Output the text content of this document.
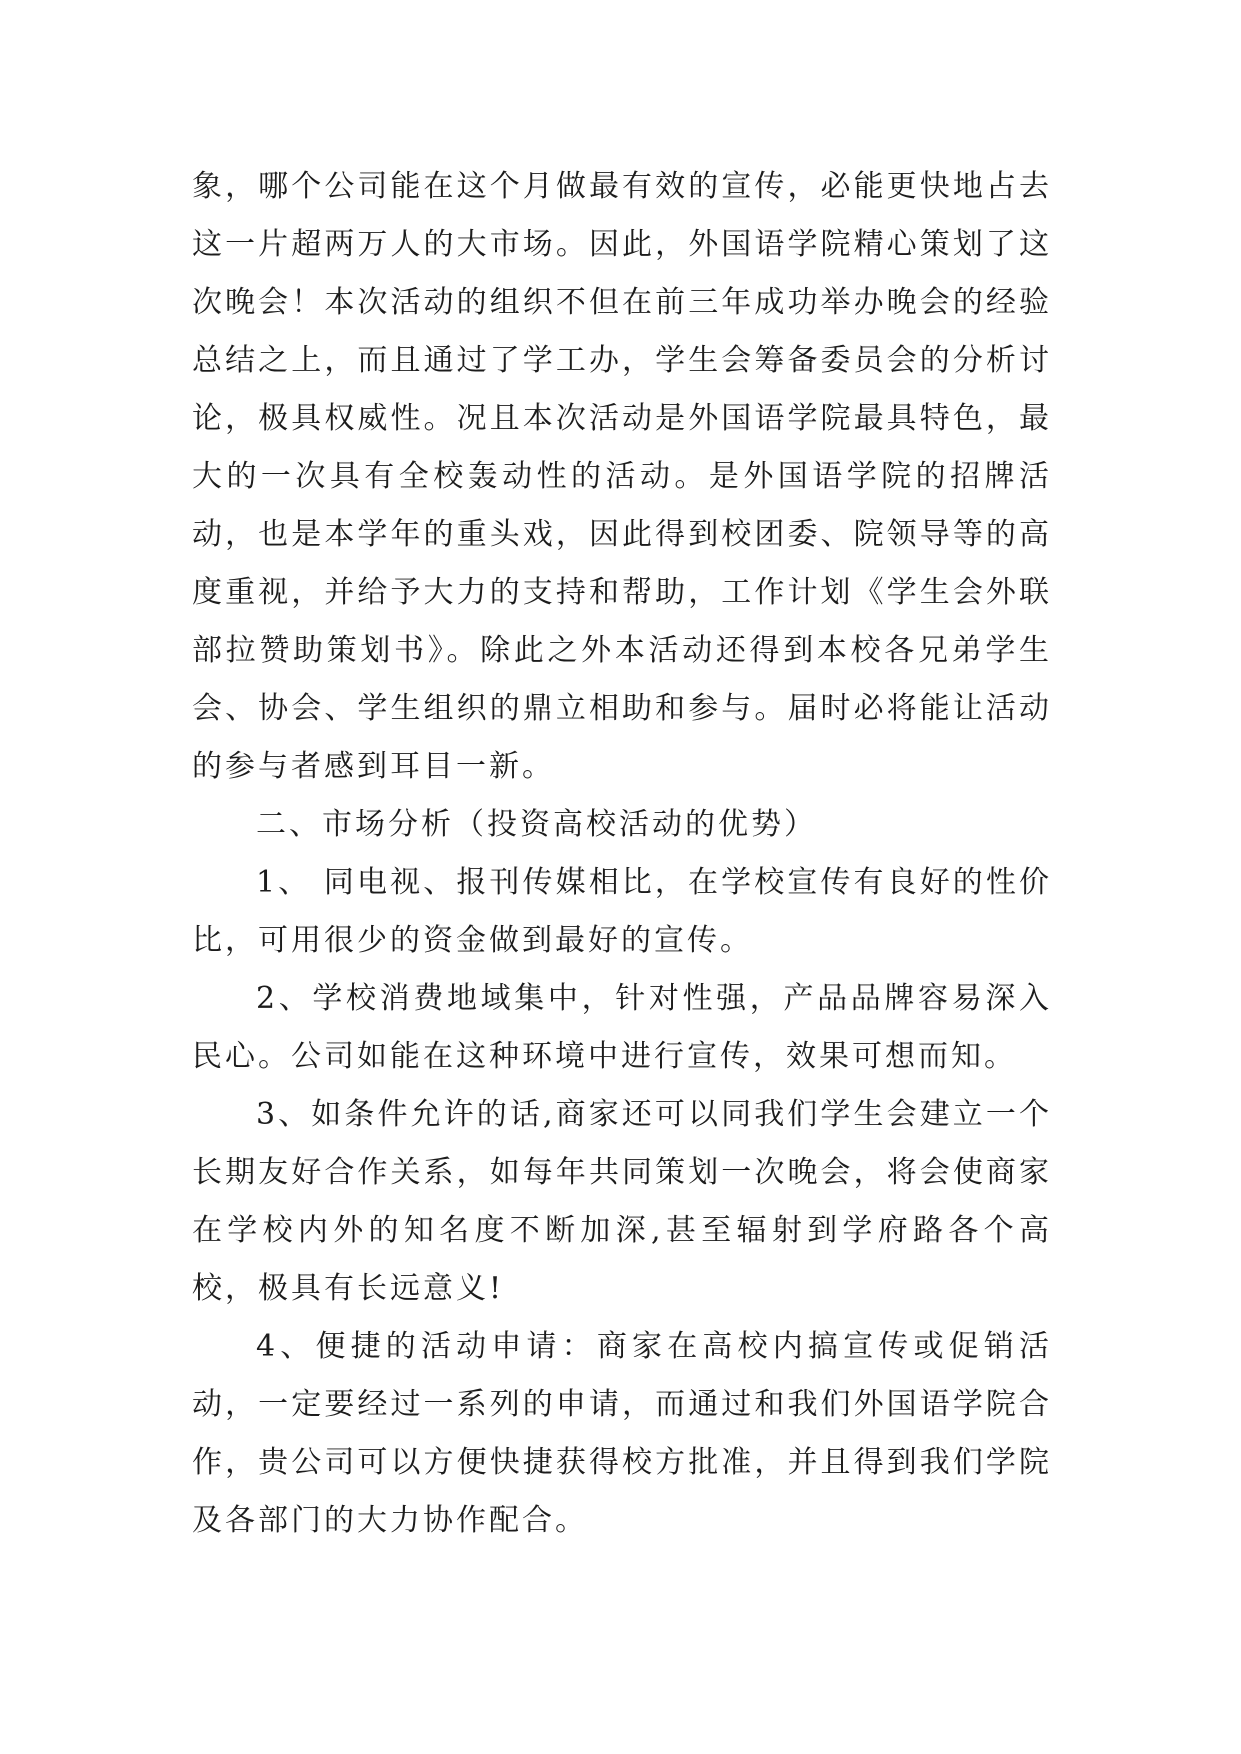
象，哪个公司能在这个月做最有效的宣传，必能更快地占去这一片超两万人的大市场。因此，外国语学院精心策划了这次晚会！本次活动的组织不但在前三年成功举办晚会的经验总结之上，而且通过了学工办，学生会筹备委员会的分析讨论，极具权威性。况且本次活动是外国语学院最具特色，最大的一次具有全校轰动性的活动。是外国语学院的招牌活动，也是本学年的重头戏，因此得到校团委、院领导等的高度重视，并给予大力的支持和帮助，工作计划《学生会外联部拉赞助策划书》。除此之外本活动还得到本校各兄弟学生会、协会、学生组织的鼎立相助和参与。届时必将能让活动的参与者感到耳目一新。

二、市场分析（投资高校活动的优势）

1、 同电视、报刊传媒相比，在学校宣传有良好的性价比，可用很少的资金做到最好的宣传。

2、学校消费地域集中，针对性强，产品品牌容易深入民心。公司如能在这种环境中进行宣传，效果可想而知。

3、如条件允许的话,商家还可以同我们学生会建立一个长期友好合作关系，如每年共同策划一次晚会，将会使商家在学校内外的知名度不断加深,甚至辐射到学府路各个高校，极具有长远意义!

4、便捷的活动申请：商家在高校内搞宣传或促销活动，一定要经过一系列的申请，而通过和我们外国语学院合作，贵公司可以方便快捷获得校方批准，并且得到我们学院及各部门的大力协作配合。
